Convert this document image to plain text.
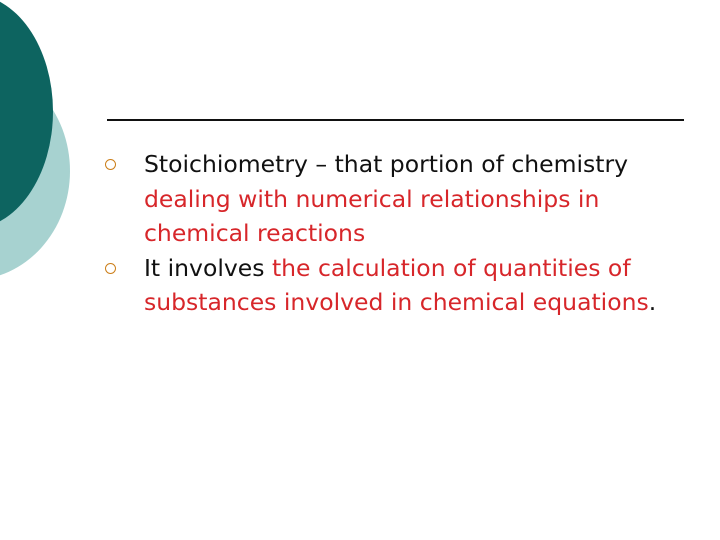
Stoichiometry – that portion of chemistry dealing with numerical relationships in chemical reactions
It involves the calculation of quantities of substances involved in chemical equations.
